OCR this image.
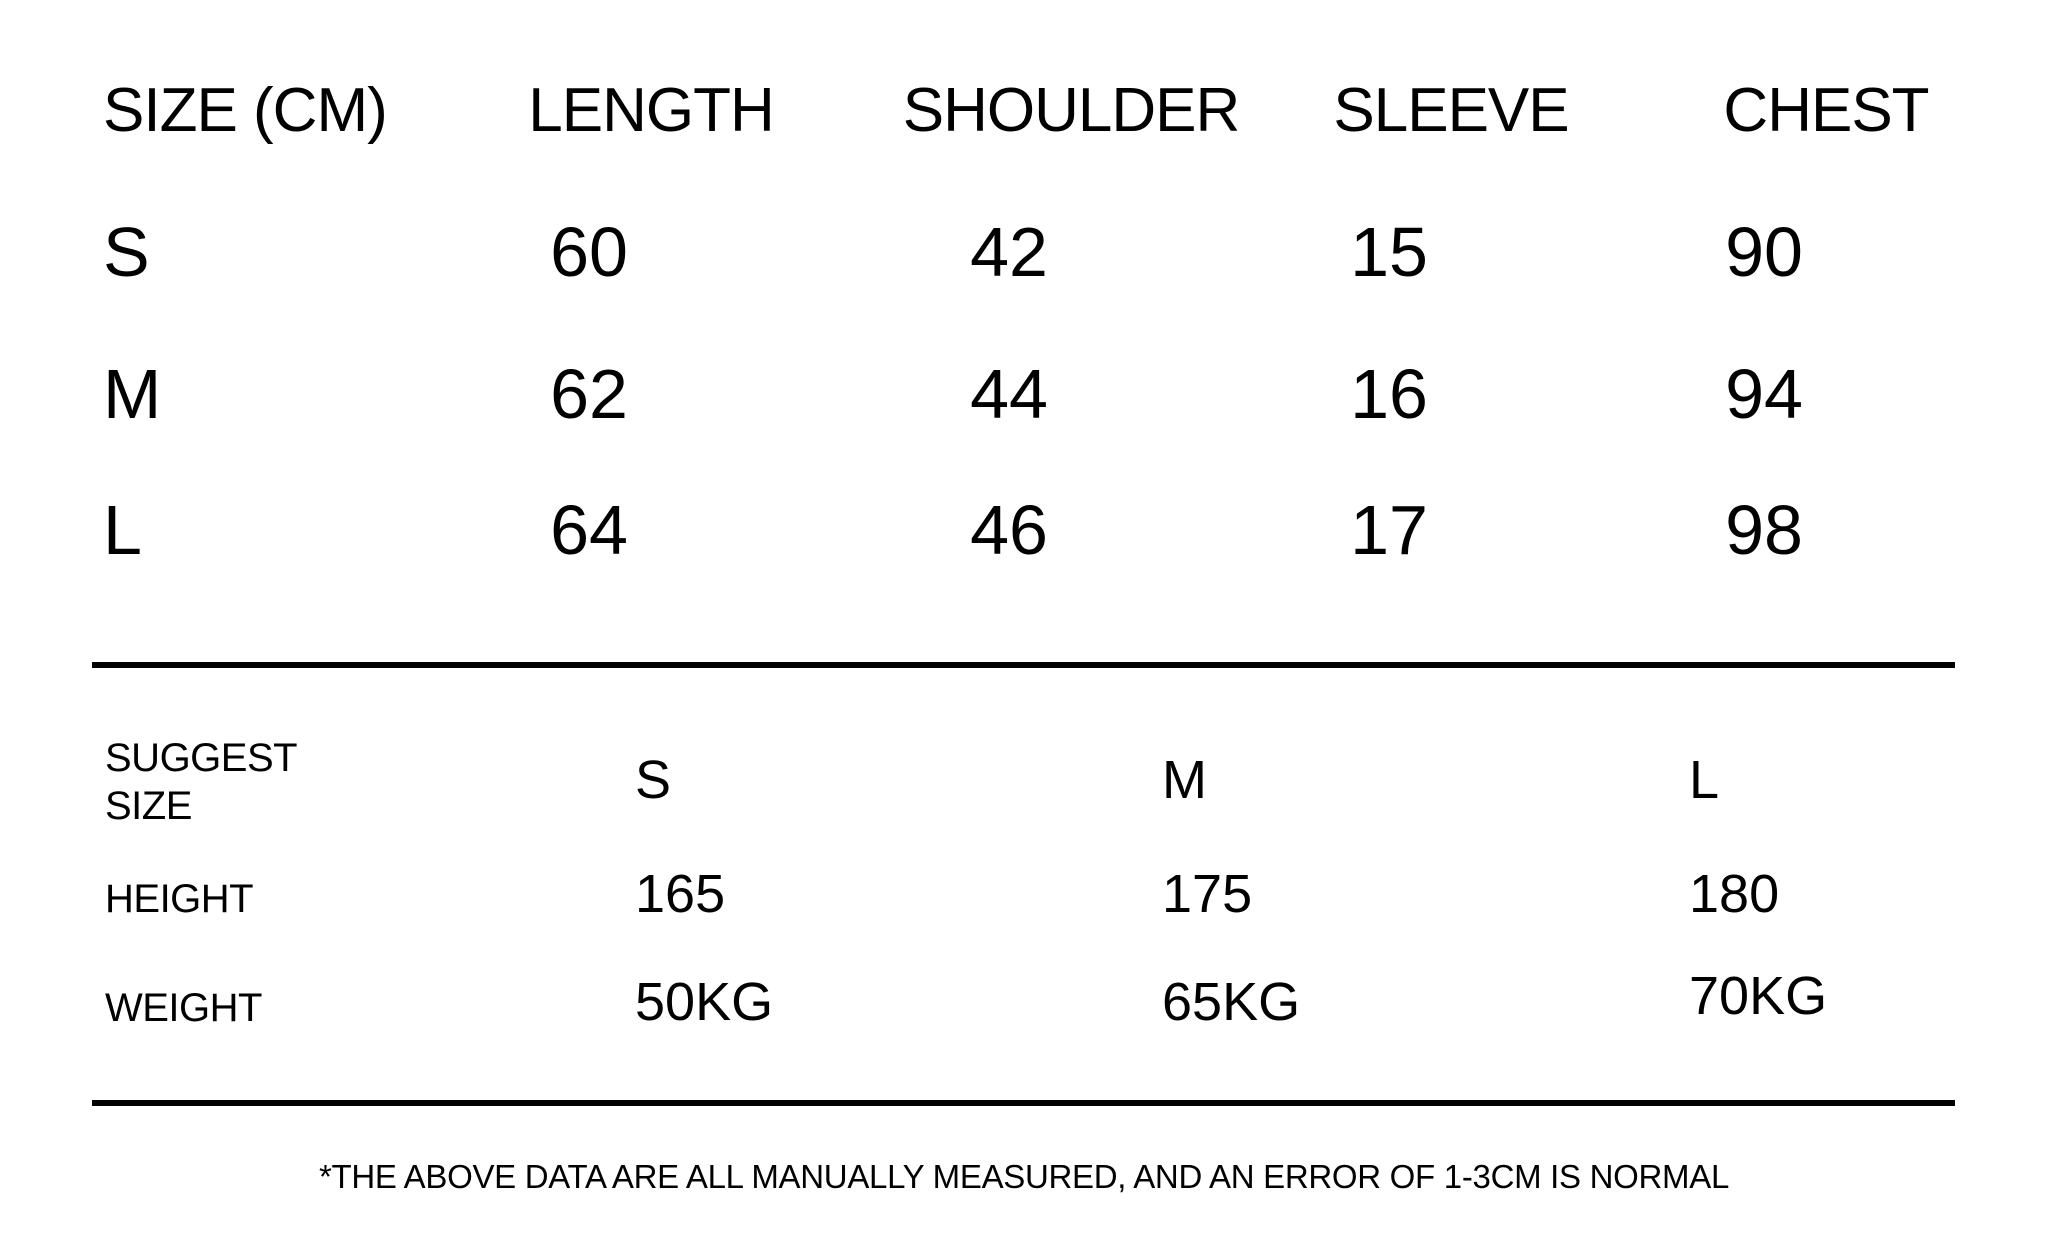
SIZE (CM)	LENGTH	SHOULDER	SLEEVE	CHEST
S	60	42	15	90
M	62	44	16	94
L	64	46	17	98
SUGGEST
SIZE	S	M	L
HEIGHT	165	175	180
WEIGHT	50KG	65KG	70KG
*THE ABOVE DATA ARE ALL MANUALLY MEASURED, AND AN ERROR OF 1-3CM IS NORMAL
